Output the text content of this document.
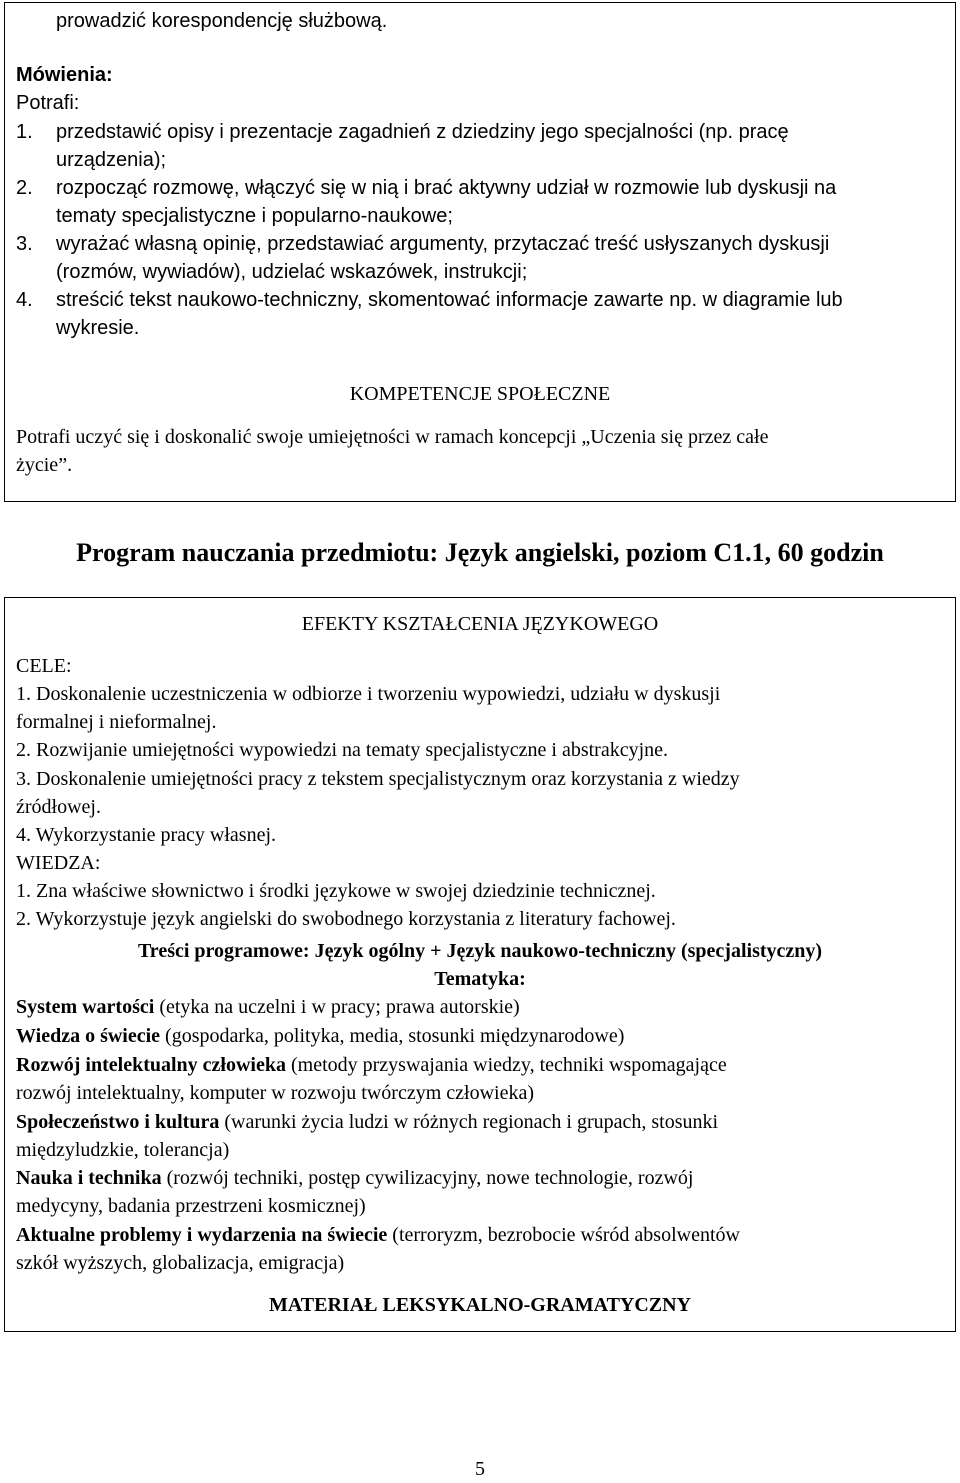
prowadzić korespondencję służbową.
Mówienia:
Potrafi:
1. przedstawić opisy i prezentacje zagadnień z dziedziny jego specjalności (np. pracę
urządzenia);
2. rozpocząć rozmowę, włączyć się w nią i brać aktywny udział w rozmowie lub dyskusji na
tematy specjalistyczne i popularno-naukowe;
3. wyrażać własną opinię, przedstawiać argumenty, przytaczać treść usłyszanych dyskusji
(rozmów, wywiadów), udzielać wskazówek, instrukcji;
4. streścić tekst naukowo-techniczny, skomentować informacje zawarte np. w diagramie lub
wykresie.
KOMPETENCJE SPOŁECZNE
Potrafi uczyć się i doskonalić swoje umiejętności w ramach koncepcji „Uczenia się przez całe
życie”.
Program nauczania przedmiotu: Język angielski, poziom C1.1, 60 godzin
EFEKTY KSZTAŁCENIA JĘZYKOWEGO
CELE:
1. Doskonalenie uczestniczenia w odbiorze i tworzeniu wypowiedzi, udziału w dyskusji
formalnej i nieformalnej.
2. Rozwijanie umiejętności wypowiedzi na tematy specjalistyczne i abstrakcyjne.
3. Doskonalenie umiejętności pracy z tekstem specjalistycznym oraz korzystania z wiedzy
źródłowej.
4. Wykorzystanie pracy własnej.
WIEDZA:
1. Zna właściwe słownictwo i środki językowe w swojej dziedzinie technicznej.
2. Wykorzystuje język angielski do swobodnego korzystania z literatury fachowej.
Treści programowe: Język ogólny + Język naukowo-techniczny (specjalistyczny)
Tematyka:
System wartości (etyka na uczelni i w pracy; prawa autorskie)
Wiedza o świecie (gospodarka, polityka, media, stosunki międzynarodowe)
Rozwój intelektualny człowieka (metody przyswajania wiedzy, techniki wspomagające
rozwój intelektualny, komputer w rozwoju twórczym człowieka)
Społeczeństwo i kultura (warunki życia ludzi w różnych regionach i grupach, stosunki
międzyludzkie, tolerancja)
Nauka i technika (rozwój techniki, postęp cywilizacyjny, nowe technologie, rozwój
medycyny, badania przestrzeni kosmicznej)
Aktualne problemy i wydarzenia na świecie (terroryzm, bezrobocie wśród absolwentów
szkół wyższych, globalizacja, emigracja)
MATERIAŁ LEKSYKALNO-GRAMATYCZNY
5
